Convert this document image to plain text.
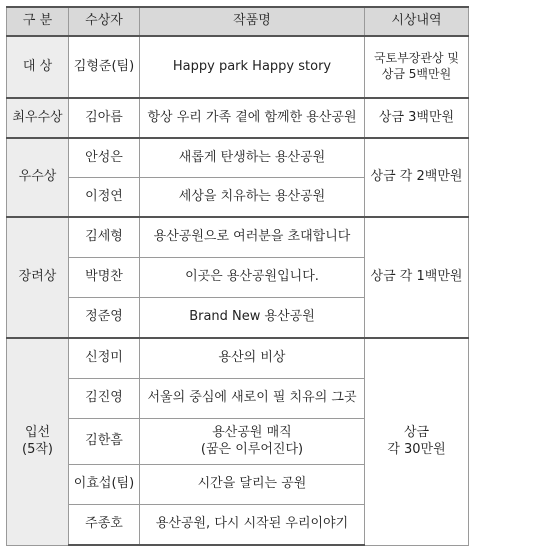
구 분	수상자	작품명	시상내역
대 상	김형준(팀)	Happy park Happy story	국토부장관상 및
상금 5백만원

최우수상	김아름	항상 우리 가족 곁에 함께한 용산공원	상금 3백만원
우수상	안성은	새롭게 탄생하는 용산공원	상금 각 2백만원
	이정연	세상을 치유하는 용산공원	
장려상	김세형	용산공원으로 여러분을 초대합니다	상금 각 1백만원
	박명찬	이곳은 용산공원입니다.	
	정준영	Brand New 용산공원	

입선
(5작)	신정미	용산의 비상	상금
각 30만원

	김진영	서울의 중심에 새로이 필 치유의 그곳	
	김한흠	용산공원 매직
(꿈은 이루어진다)	

	이효섭(팀)	시간을 달리는 공원	
	주종호	용산공원, 다시 시작된 우리이야기	
